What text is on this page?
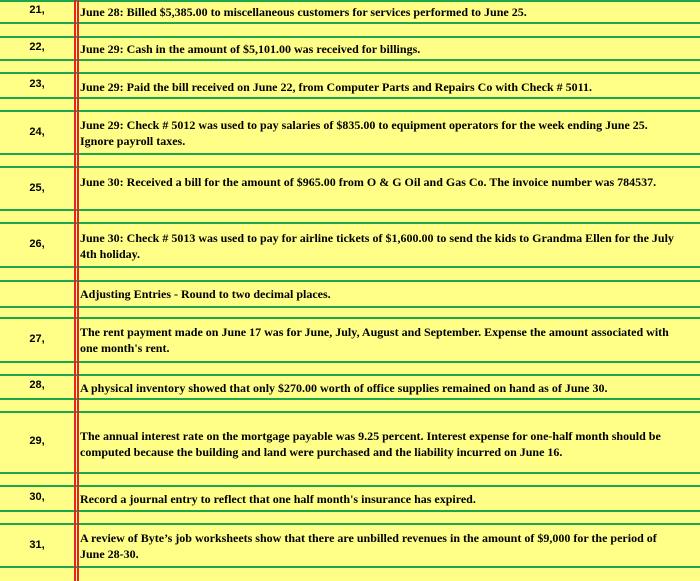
21,	June 28: Billed $5,385.00 to miscellaneous customers for services performed to June 25.
22,	June 29: Cash in the amount of $5,101.00 was received for billings.
23,	June 29: Paid the bill received on June 22, from Computer Parts and Repairs Co with Check # 5011.
24,	June 29: Check # 5012 was used to pay salaries of $835.00 to equipment operators for the week ending June 25. Ignore payroll taxes.
25,	June 30: Received a bill for the amount of $965.00 from O & G Oil and Gas Co. The invoice number was 784537.
26,	June 30: Check # 5013 was used to pay for airline tickets of $1,600.00 to send the kids to Grandma Ellen for the July 4th holiday.
Adjusting Entries - Round to two decimal places.
27,	The rent payment made on June 17 was for June, July, August and September. Expense the amount associated with one month's rent.
28,	A physical inventory showed that only $270.00 worth of office supplies remained on hand as of June 30.
29,	The annual interest rate on the mortgage payable was 9.25 percent. Interest expense for one-half month should be computed because the building and land were purchased and the liability incurred on June 16.
30,	Record a journal entry to reflect that one half month's insurance has expired.
31,	A review of Byte’s job worksheets show that there are unbilled revenues in the amount of $9,000 for the period of June 28-30.
